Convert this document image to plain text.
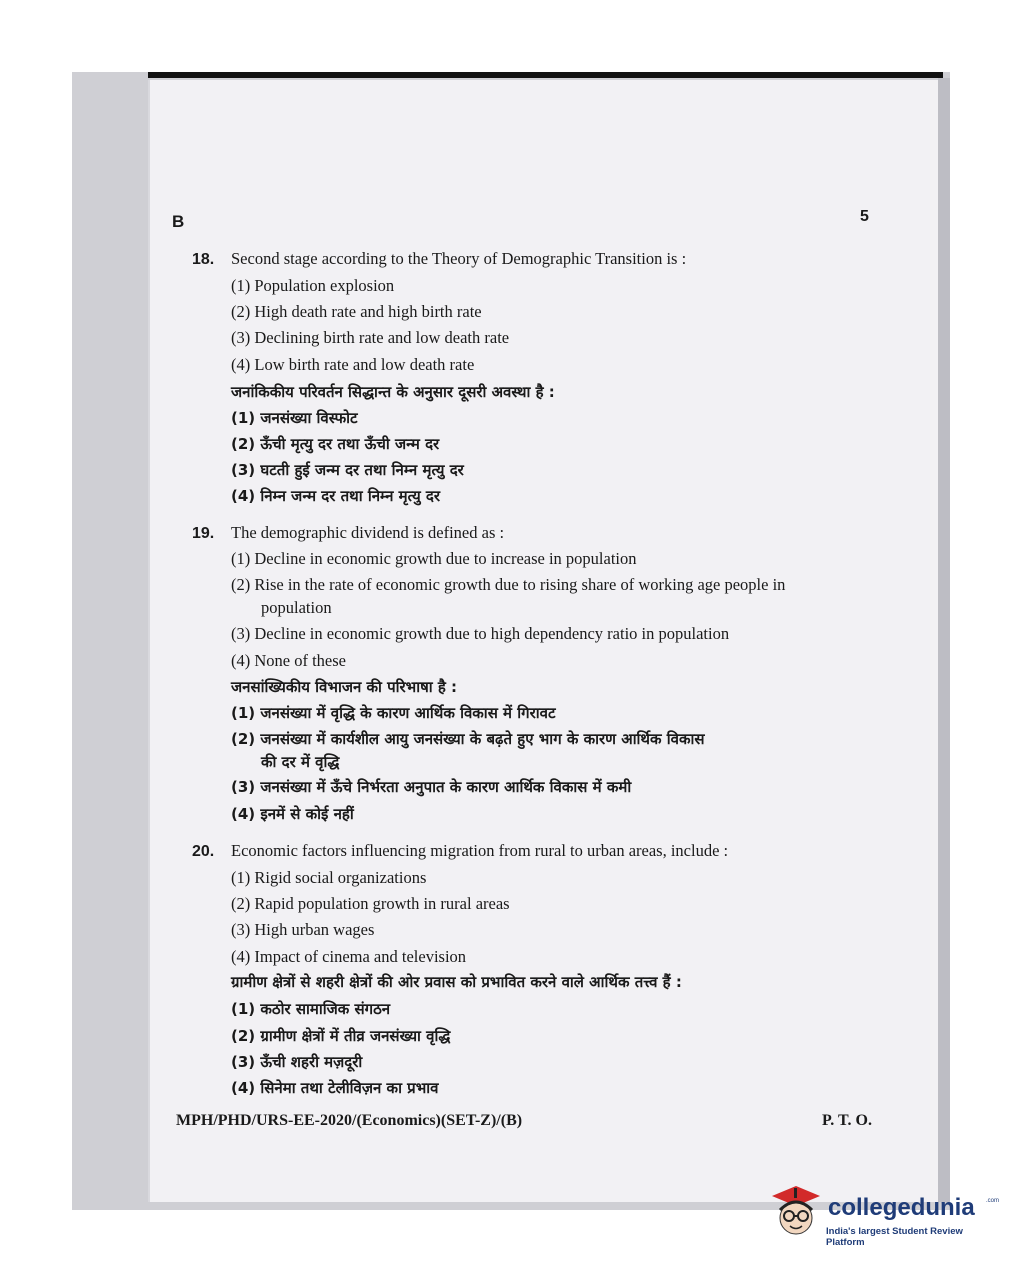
B	5
18. Second stage according to the Theory of Demographic Transition is :
(1) Population explosion
(2) High death rate and high birth rate
(3) Declining birth rate and low death rate
(4) Low birth rate and low death rate
जनांकिकीय परिवर्तन सिद्धान्त के अनुसार दूसरी अवस्था है :
(1) जनसंख्या विस्फोट
(2) ऊँची मृत्यु दर तथा ऊँची जन्म दर
(3) घटती हुई जन्म दर तथा निम्न मृत्यु दर
(4) निम्न जन्म दर तथा निम्न मृत्यु दर
19. The demographic dividend is defined as :
(1) Decline in economic growth due to increase in population
(2) Rise in the rate of economic growth due to rising share of working age people in
population
(3) Decline in economic growth due to high dependency ratio in population
(4) None of these
जनसांख्यिकीय विभाजन की परिभाषा है :
(1) जनसंख्या में वृद्धि के कारण आर्थिक विकास में गिरावट
(2) जनसंख्या में कार्यशील आयु जनसंख्या के बढ़ते हुए भाग के कारण आर्थिक विकास
की दर में वृद्धि
(3) जनसंख्या में ऊँचे निर्भरता अनुपात के कारण आर्थिक विकास में कमी
(4) इनमें से कोई नहीं
20. Economic factors influencing migration from rural to urban areas, include :
(1) Rigid social organizations
(2) Rapid population growth in rural areas
(3) High urban wages
(4) Impact of cinema and television
ग्रामीण क्षेत्रों से शहरी क्षेत्रों की ओर प्रवास को प्रभावित करने वाले आर्थिक तत्त्व हैं :
(1) कठोर सामाजिक संगठन
(2) ग्रामीण क्षेत्रों में तीव्र जनसंख्या वृद्धि
(3) ऊँची शहरी मज़दूरी
(4) सिनेमा तथा टेलीविज़न का प्रभाव
MPH/PHD/URS-EE-2020/(Economics)(SET-Z)/(B)	P. T. O.
collegedunia .com
India's largest Student Review Platform
